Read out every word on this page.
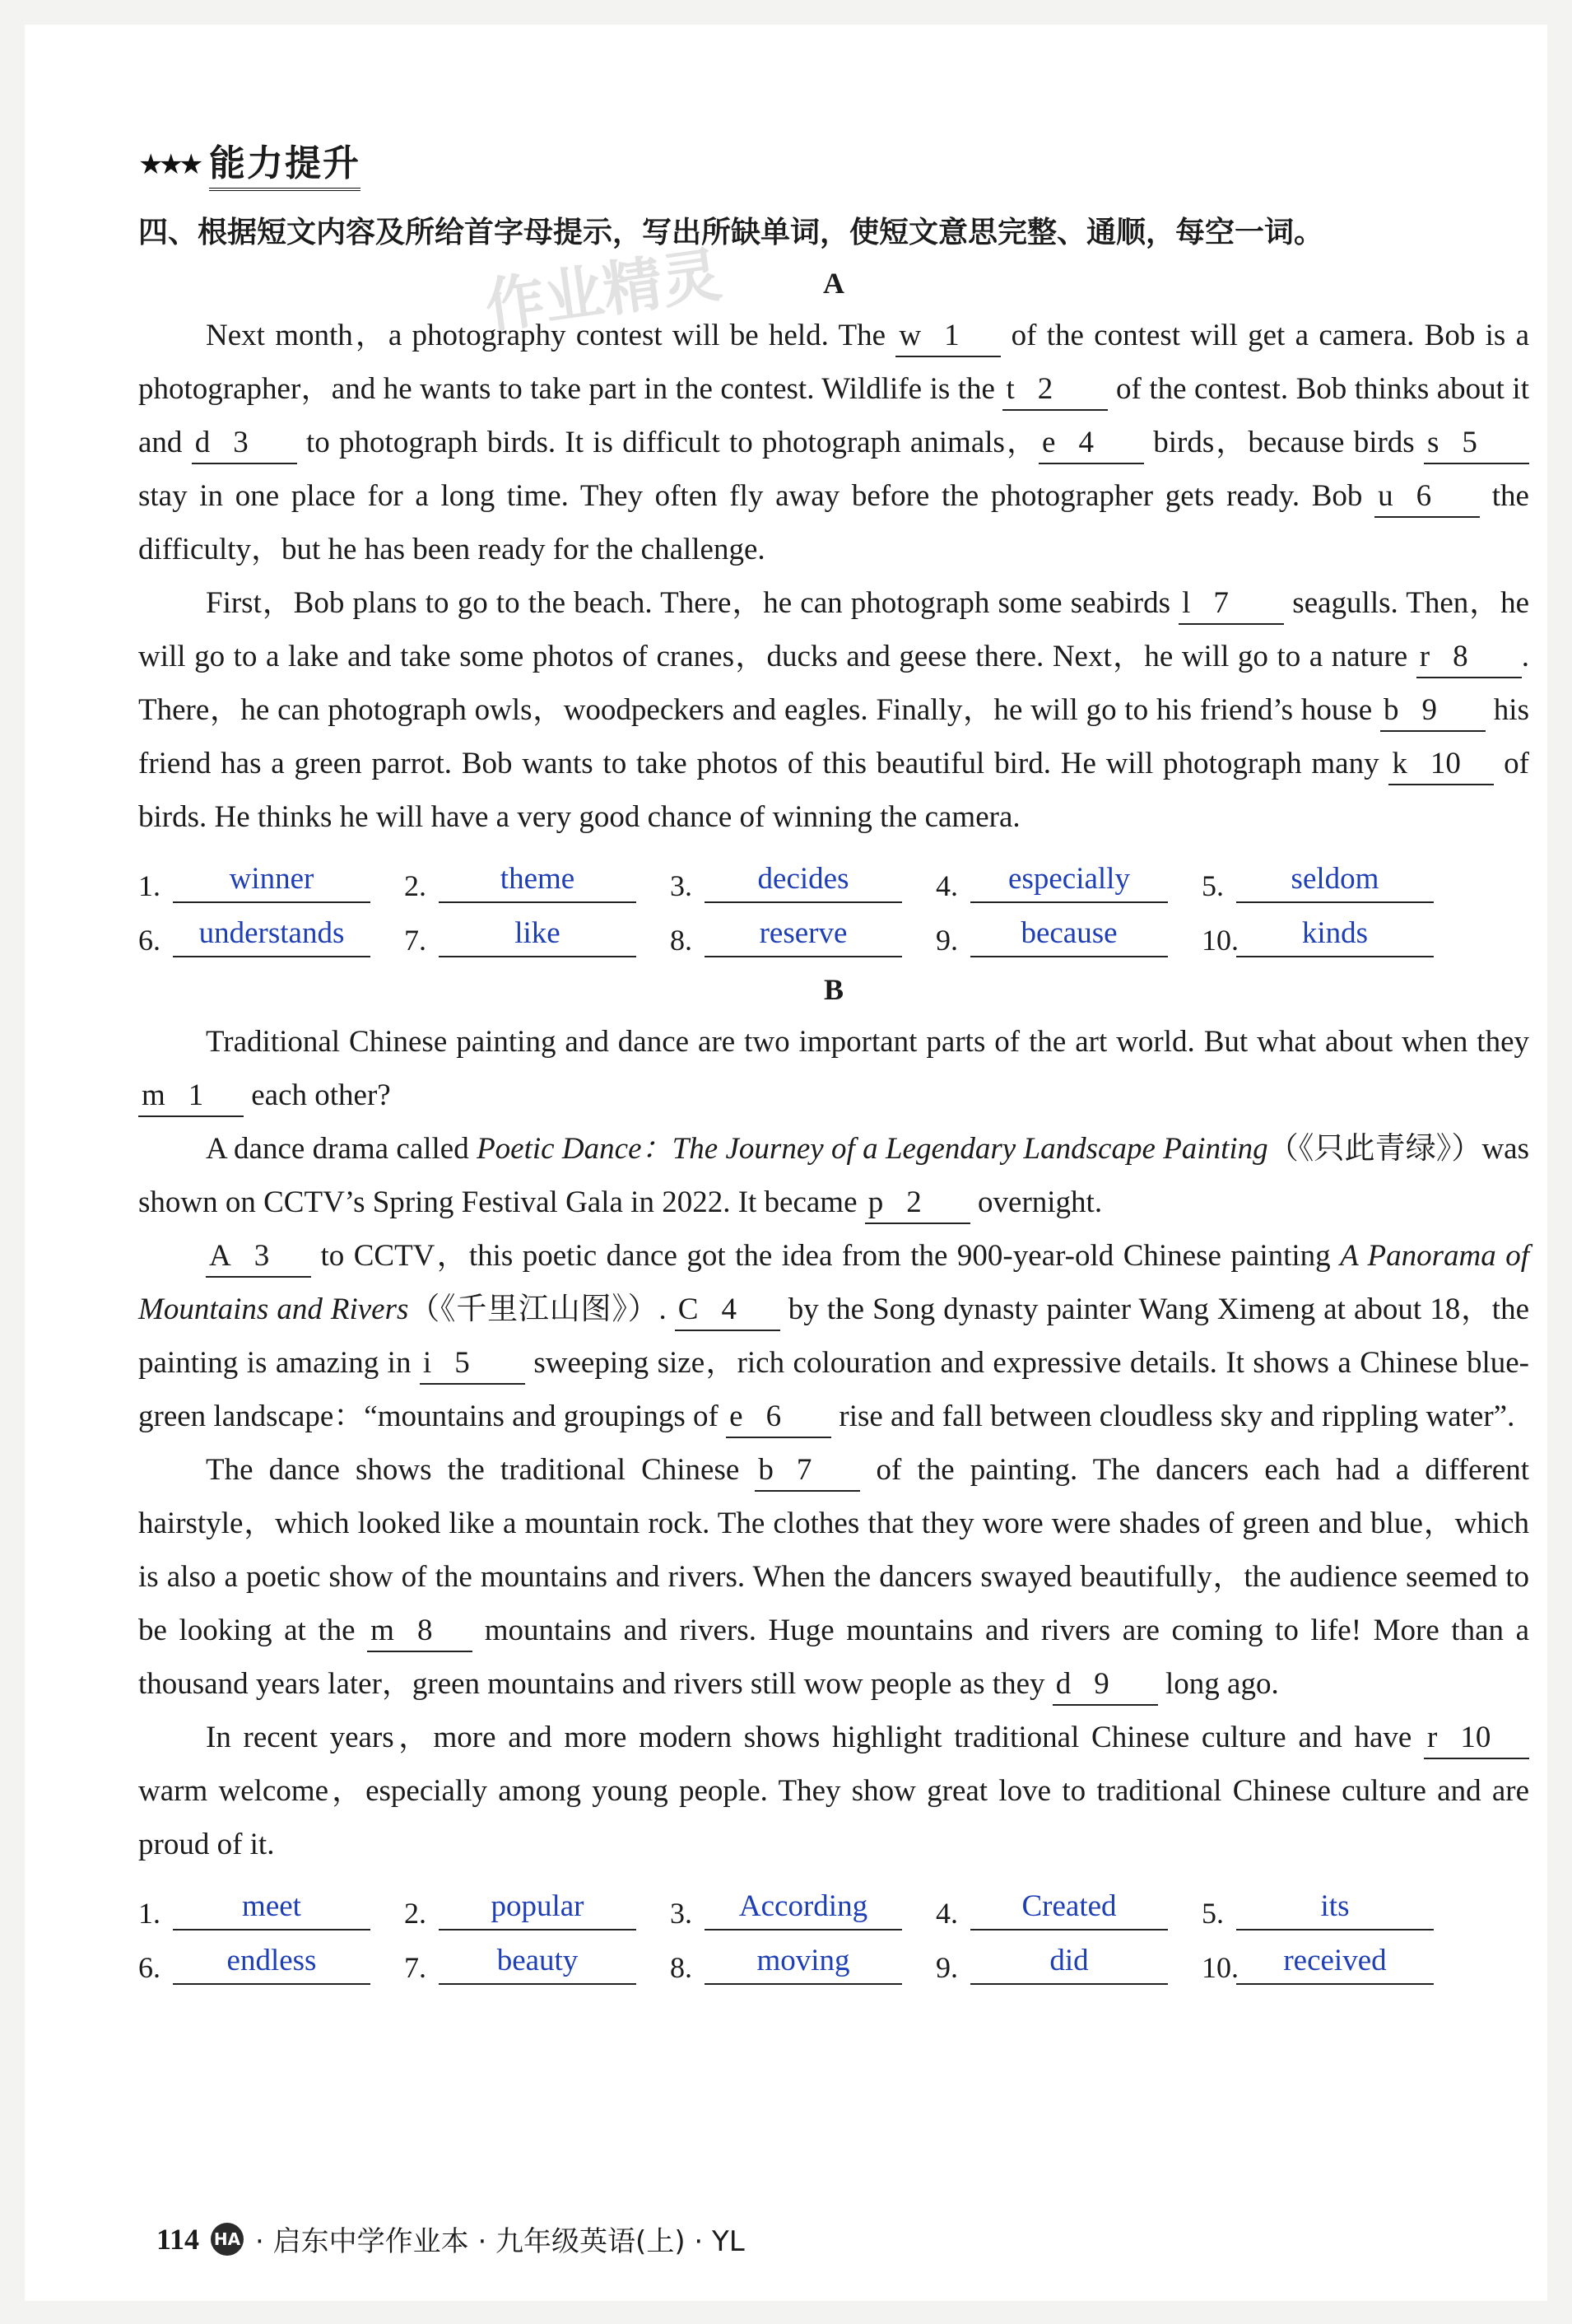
★★★ 能力提升
四、根据短文内容及所给首字母提示，写出所缺单词，使短文意思完整、通顺，每空一词。
A
作业精灵

Next month，a photography contest will be held. The w 1 of the contest will get a camera. Bob is a photographer，and he wants to take part in the contest. Wildlife is the t 2 of the contest. Bob thinks about it and d 3 to photograph birds. It is difficult to photograph animals， e 4 birds，because birds s 5 stay in one place for a long time. They often fly away before the photographer gets ready. Bob u 6 the difficulty，but he has been ready for the challenge.

First，Bob plans to go to the beach. There，he can photograph some seabirds l 7 seagulls. Then，he will go to a lake and take some photos of cranes，ducks and geese there. Next，he will go to a nature r 8 . There，he can photograph owls，woodpeckers and eagles. Finally，he will go to his friend’s house b 9 his friend has a green parrot. Bob wants to take photos of this beautiful bird. He will photograph many k 10 of birds. He thinks he will have a very good chance of winning the camera.

1.	winner	2.	theme	3.	decides	4.	especially	5.	seldom
6.	understands	7.	like	8.	reserve	9.	because	10.	kinds
B

Traditional Chinese painting and dance are two important parts of the art world. But what about when they m 1 each other?

A dance drama called Poetic Dance：The Journey of a Legendary Landscape Painting（《只此青绿》）was shown on CCTV’s Spring Festival Gala in 2022. It became p 2 overnight.

A 3 to CCTV，this poetic dance got the idea from the 900-year-old Chinese painting A Panorama of Mountains and Rivers（《千里江山图》）. C 4 by the Song dynasty painter Wang Ximeng at about 18，the painting is amazing in i 5 sweeping size，rich colouration and expressive details. It shows a Chinese blue-green landscape：“mountains and groupings of e 6 rise and fall between cloudless sky and rippling water”.

The dance shows the traditional Chinese b 7 of the painting. The dancers each had a different hairstyle，which looked like a mountain rock. The clothes that they wore were shades of green and blue，which is also a poetic show of the mountains and rivers. When the dancers swayed beautifully，the audience seemed to be looking at the m 8 mountains and rivers. Huge mountains and rivers are coming to life! More than a thousand years later，green mountains and rivers still wow people as they d 9 long ago.

In recent years，more and more modern shows highlight traditional Chinese culture and have r 10 warm welcome，especially among young people. They show great love to traditional Chinese culture and are proud of it.

1.	meet	2.	popular	3.	According	4.	Created	5.	its
6.	endless	7.	beauty	8.	moving	9.	did	10.	received
114 HA · 启东中学作业本 · 九年级英语(上) · YL
